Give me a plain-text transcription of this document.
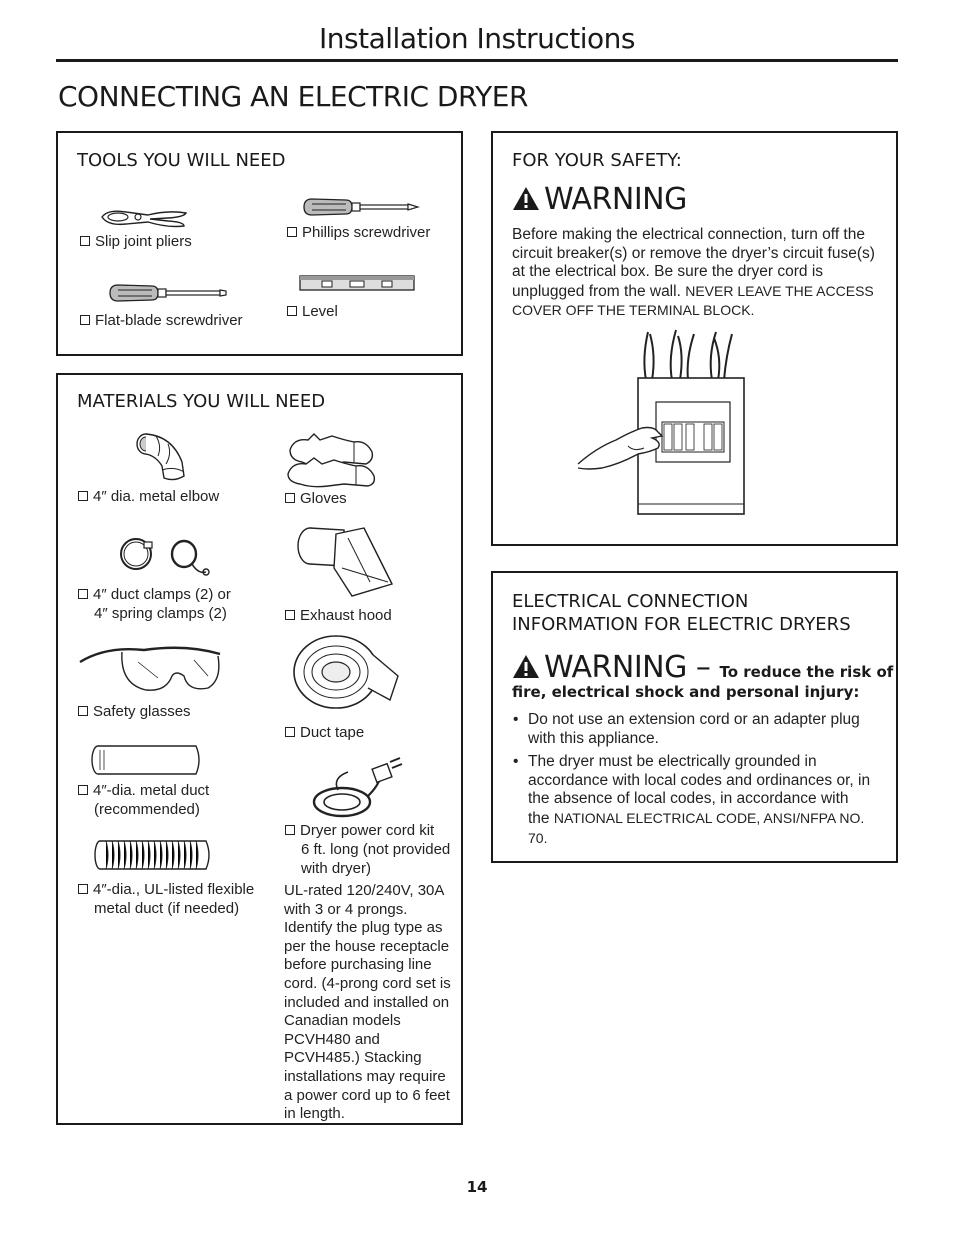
Installation Instructions
CONNECTING AN ELECTRIC DRYER
TOOLS YOU WILL NEED
Slip joint pliers
Phillips screwdriver
Flat-blade screwdriver
Level
MATERIALS YOU WILL NEED
4″ dia. metal elbow	Gloves
4″ duct clamps (2) or
4″ spring clamps (2)	Exhaust hood
Safety glasses
Duct tape
4″-dia. metal duct
(recommended)
Dryer power cord kit
6 ft. long (not provided
with dryer)
4″-dia., UL-listed flexible
metal duct (if needed)
UL-rated 120/240V, 30A with 3 or 4 prongs. Identify the plug type as per the house receptacle before purchasing line cord. (4-prong cord set is included and installed on Canadian models PCVH480 and PCVH485.) Stacking installations may require a power cord up to 6 feet in length.
FOR YOUR SAFETY:
WARNING
Before making the electrical connection, turn off the circuit breaker(s) or remove the dryer’s circuit fuse(s) at the electrical box. Be sure the dryer cord is unplugged from the wall. NEVER LEAVE THE ACCESS COVER OFF THE TERMINAL BLOCK.
ELECTRICAL CONNECTION
INFORMATION FOR ELECTRIC DRYERS
WARNING – To reduce the risk of
fire, electrical shock and personal injury:
• Do not use an extension cord or an adapter plug with this appliance.
• The dryer must be electrically grounded in accordance with local codes and ordinances or, in the absence of local codes, in accordance with the NATIONAL ELECTRICAL CODE, ANSI/NFPA NO. 70.
14
